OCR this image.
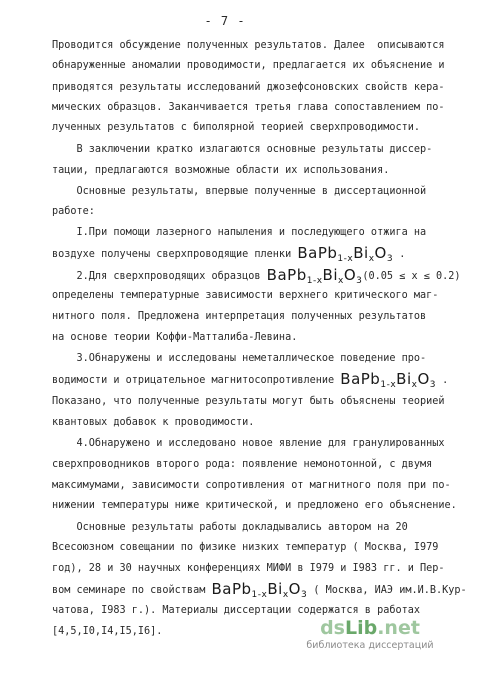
- 7 -
Проводится обсуждение полученных результатов. Далее  описываются
обнаруженные аномалии проводимости, предлагается их объяснение и
приводятся результаты исследований джозефсоновских свойств керa-
мических образцов. Заканчивается третья глава сопоставлением по-
лученных результатов с биполярной теорией сверхпроводимости.
В заключении кратко излагаются основные результаты диссер-
тации, предлагаются возможные области их использования.
Основные результаты, впервые полученные в диссертационной
работе:
I.При помощи лазерного напыления и последующего отжига на
воздухе получены сверхпроводящие пленки $BaPb_{1-x}Bi_xO_3$ .
2.Для сверхпроводящих образцов $BaPb_{1-x}Bi_xO_3(0.05 \le x \le 0.2)$
определены температурные зависимости верхнего критического маг-
нитного поля. Предложена интерпретация полученных результатов
на основе теории Коффи-Матталиба-Левина.
3.Обнаружены и исследованы неметаллическое поведение про-
водимости и отрицательное магнитосопротивление $BaPb_{1-x}Bi_xO_3$ .
Показано, что полученные результаты могут быть объяснены теорией
квантовых добавок к проводимости.
4.Обнаружено и исследовано новое явление для гранулированных
сверхпроводников второго рода: появление немонотонной, с двумя
максимумами, зависимости сопротивления от магнитного поля при по-
нижении температуры ниже критической, и предложено его объяснение.
Основные результаты работы докладывались автором на 20
Всесоюзном совещании по физике низких температур ( Москва, I979
год), 28 и 30 научных конференциях МИФИ в I979 и I983 гг. и Пер-
вом семинаре по свойствам $BaPb_{1-x}Bi_xO_3$ ( Москва, ИАЭ им.И.В.Кур-
чатова, I983 г.). Материалы диссертации содержатся в работах
[4,5,I0,I4,I5,I6].	dsLib.net
библиотека диссертаций
